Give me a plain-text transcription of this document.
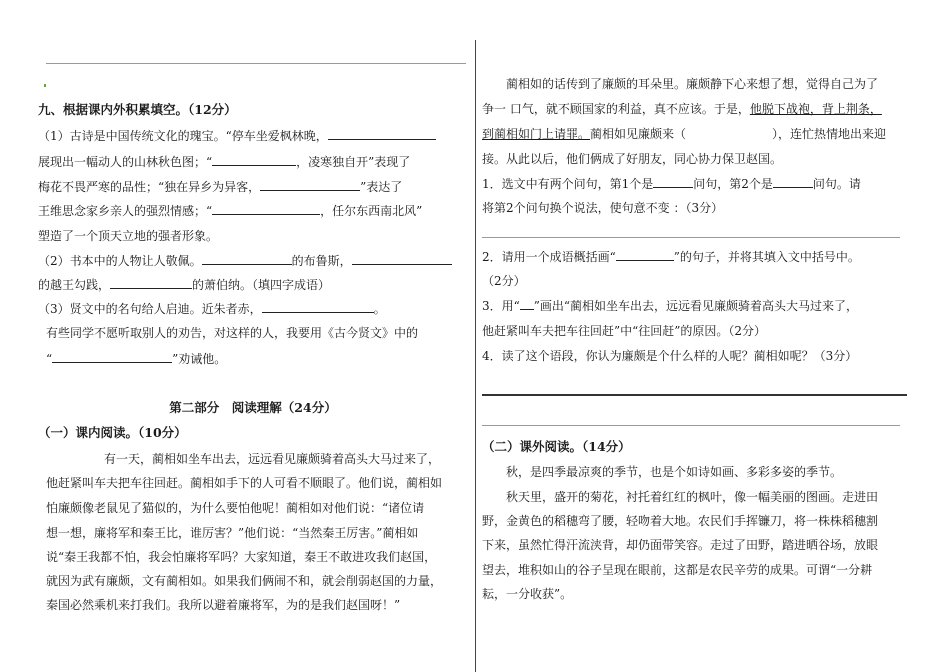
九、根据课内外积累填空。（12分）
（1）古诗是中国传统文化的瑰宝。“停车坐爱枫林晚，
展现出一幅动人的山林秋色图；“	，凌寒独自开”表现了
梅花不畏严寒的品性；“独在异乡为异客，	”表达了
王维思念家乡亲人的强烈情感；“	，任尔东西南北风”
塑造了一个顶天立地的强者形象。
（2）书本中的人物让人敬佩。	的布鲁斯，
的越王勾践，	的萧伯纳。（填四字成语）
（3）贤文中的名句给人启迪。近朱者赤，	。
有些同学不愿听取别人的劝告，对这样的人，我要用《古今贤文》中的
“	”劝诫他。
第二部分　阅读理解（24分）
（一）课内阅读。（10分）
有一天，蔺相如坐车出去，远远看见廉颇骑着高头大马过来了，
他赶紧叫车夫把车往回赶。蔺相如手下的人可看不顺眼了。他们说，蔺相如
怕廉颇像老鼠见了猫似的，为什么要怕他呢！蔺相如对他们说：“诸位请
想一想，廉将军和秦王比，谁厉害？”他们说：“当然秦王厉害。”蔺相如
说“秦王我都不怕，我会怕廉将军吗？大家知道，秦王不敢进攻我们赵国，
就因为武有廉颇，文有蔺相如。如果我们俩闹不和，就会削弱赵国的力量，
秦国必然乘机来打我们。我所以避着廉将军，为的是我们赵国呀！”
蔺相如的话传到了廉颇的耳朵里。廉颇静下心来想了想，觉得自己为了
争一 口气，就不顾国家的利益，真不应该。于是，他脱下战袍，背上荆条，
到蔺相如门上请罪。蔺相如见廉颇来（	），连忙热情地出来迎
接。从此以后，他们俩成了好朋友，同心协力保卫赵国。
1．选文中有两个问句，第1个是	问句，第2个是	问句。请
将第2个问句换个说法，使句意不变 ：（3分）
2．请用一个成语概括画“	”的句子，并将其填入文中括号中。
（2分）
3．用“ ”画出“蔺相如坐车出去，远远看见廉颇骑着高头大马过来了，
他赶紧叫车夫把车往回赶”中“往回赶”的原因。（2分）
4．读了这个语段，你认为廉颇是个什么样的人呢？蔺相如呢？（3分）
（二）课外阅读。（14分）
秋，是四季最凉爽的季节，也是个如诗如画、多彩多姿的季节。
秋天里，盛开的菊花，衬托着红红的枫叶，像一幅美丽的图画。走进田
野，金黄色的稻穗弯了腰，轻吻着大地。农民们手挥镰刀，将一株株稻穗割
下来，虽然忙得汗流浃背，却仍面带笑容。走过了田野，踏进晒谷场，放眼
望去，堆积如山的谷子呈现在眼前，这都是农民辛劳的成果。可谓“一分耕
耘，一分收获”。
